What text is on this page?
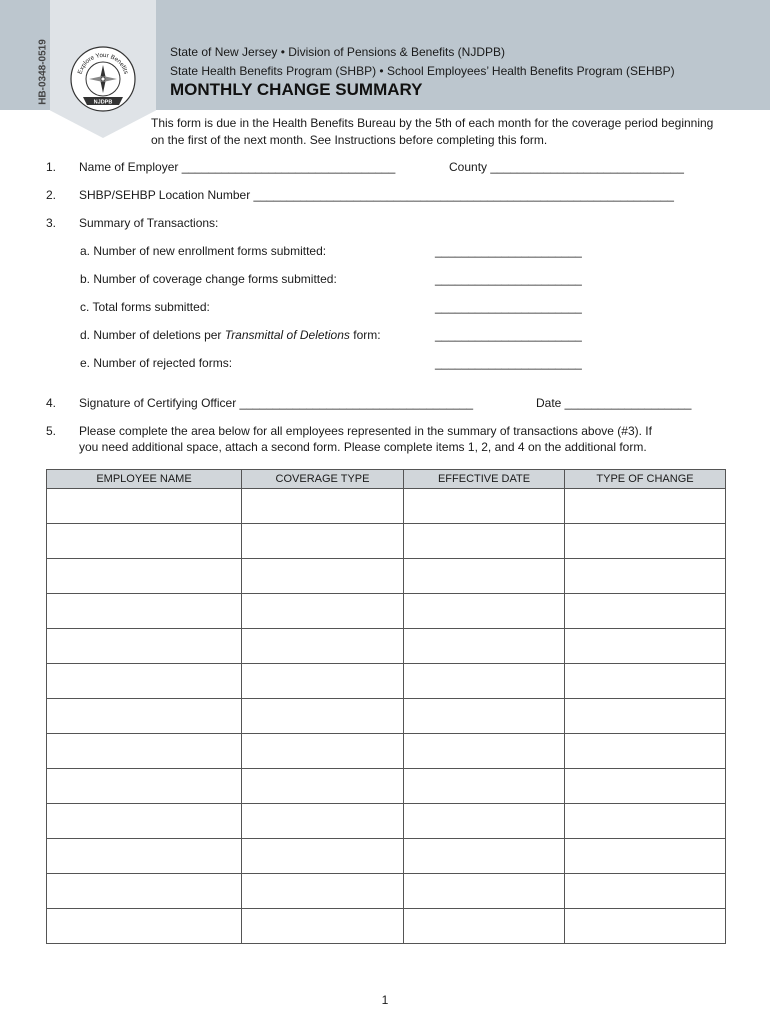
Explore Your Benefits
NJDPB
HB-0348-0519	State of New Jersey • Division of Pensions & Benefits (NJDPB)
State Health Benefits Program (SHBP) • School Employees’ Health Benefits Program (SEHBP)
MONTHLY CHANGE SUMMARY
This form is due in the Health Benefits Bureau by the 5th of each month for the coverage period beginning on the first of the next month. See Instructions before completing this form.
1. Name of Employer ________________________________	County _____________________________
2. SHBP/SEHBP Location Number _______________________________________________________________
3. Summary of Transactions:
a. Number of new enrollment forms submitted:	______________________
b. Number of coverage change forms submitted:	______________________
c. Total forms submitted:	______________________
d. Number of deletions per Transmittal of Deletions form:	______________________
e. Number of rejected forms:	______________________
4. Signature of Certifying Officer ___________________________________	Date ___________________
5. Please complete the area below for all employees represented in the summary of transactions above (#3). If
you need additional space, attach a second form. Please complete items 1, 2, and 4 on the additional form.
EMPLOYEE NAME	COVERAGE TYPE	EFFECTIVE DATE	TYPE OF CHANGE

1
